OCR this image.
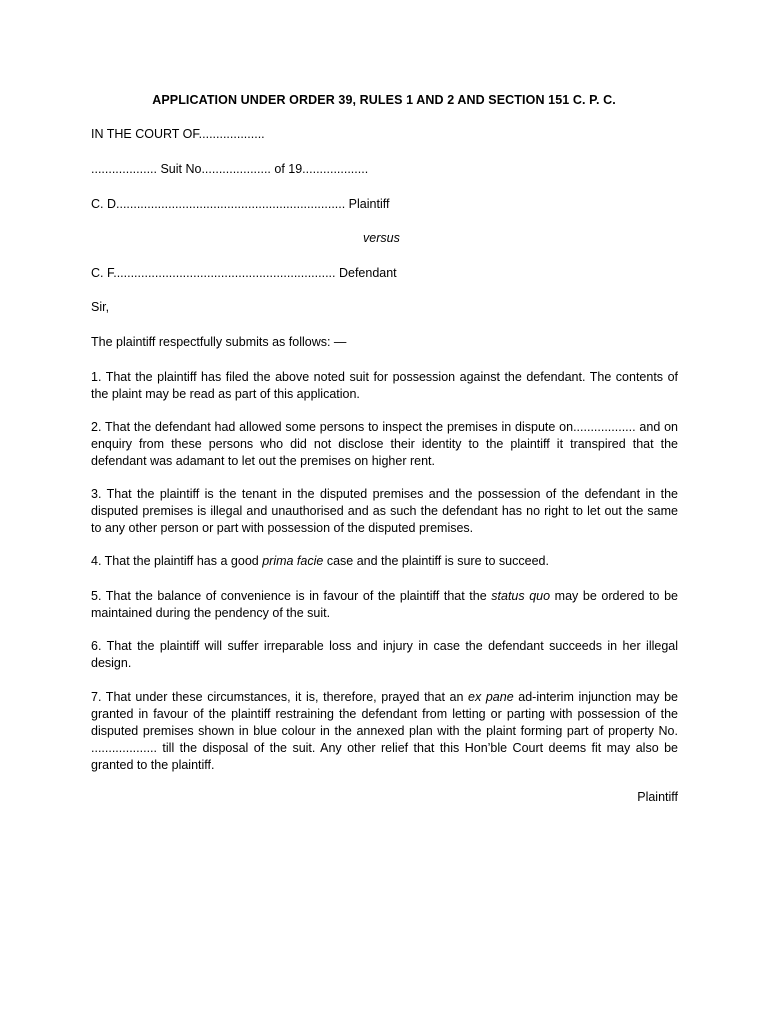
APPLICATION UNDER ORDER 39, RULES 1 AND 2 AND SECTION 151 C. P. C.
IN THE COURT OF...................
................... Suit No.................... of 19...................
C. D.................................................................. Plaintiff
versus
C. F................................................................ Defendant
Sir,
The plaintiff respectfully submits as follows: —
1. That the plaintiff has filed the above noted suit for possession against the defendant. The contents of the plaint may be read as part of this application.
2. That the defendant had allowed some persons to inspect the premises in dispute on.................. and on enquiry from these persons who did not disclose their identity to the plaintiff it transpired that the defendant was adamant to let out the premises on higher rent.
3. That the plaintiff is the tenant in the disputed premises and the possession of the defendant in the disputed premises is illegal and unauthorised and as such the defendant has no right to let out the same to any other person or part with possession of the disputed premises.
4. That the plaintiff has a good prima facie case and the plaintiff is sure to succeed.
5. That the balance of convenience is in favour of the plaintiff that the status quo may be ordered to be maintained during the pendency of the suit.
6. That the plaintiff will suffer irreparable loss and injury in case the defendant succeeds in her illegal design.
7. That under these circumstances, it is, therefore, prayed that an ex pane ad-interim injunction may be granted in favour of the plaintiff restraining the defendant from letting or parting with possession of the disputed premises shown in blue colour in the annexed plan with the plaint forming part of property No. ................... till the disposal of the suit. Any other relief that this Hon’ble Court deems fit may also be granted to the plaintiff.
Plaintiff
